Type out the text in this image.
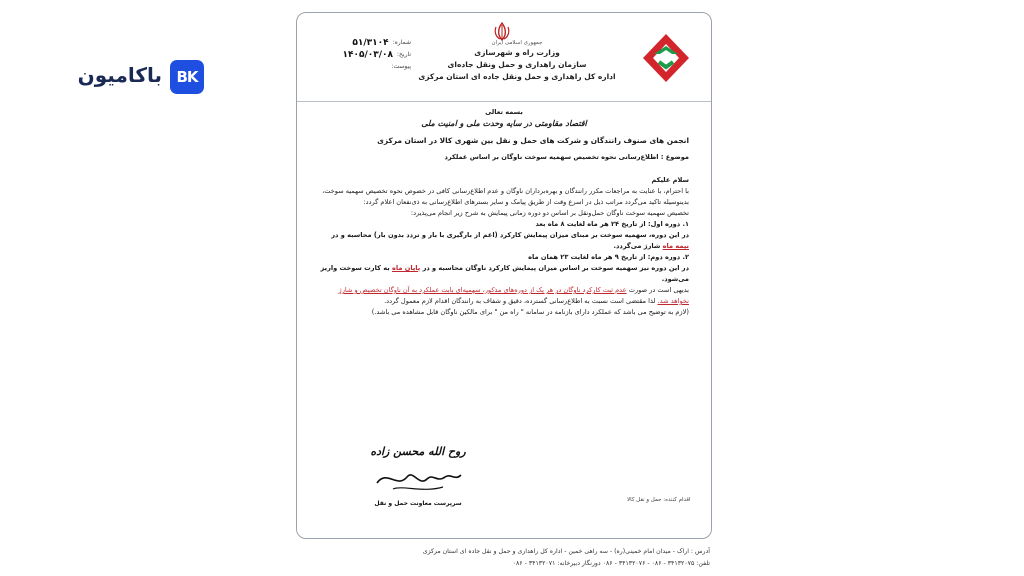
BK
باکامیون
جمهوری اسلامی ایران
وزارت راه و شهرسازی
سازمان راهداری و حمل ونقل جاده‌ای
اداره کل راهداری و حمل ونقل جاده ای استان مرکزی
شماره:
۵۱/۳۱۰۴
تاریخ:
۱۴۰۵/۰۳/۰۸
پیوست:
بسمه تعالی
اقتصاد مقاومتی در سایه وحدت ملی و امنیت ملی
انجمن های صنوف رانندگان و شرکت های حمل و نقل بین شهری کالا در استان مرکزی
موضوع : اطلاع‌رسانی نحوه تخصیص سهمیه سوخت ناوگان بر اساس عملکرد
سلام علیکم
با احترام، با عنایت به مراجعات مکرر رانندگان و بهره‌برداران ناوگان و عدم اطلاع‌رسانی کافی در خصوص نحوه تخصیص سهمیه سوخت، بدینوسیله تاکید می‌گردد مراتب ذیل در اسرع وقت از طریق پیامک و سایر بسترهای اطلاع‌رسانی به ذی‌نفعان اعلام گردد:
تخصیص سهمیه سوخت ناوگان حمل‌ونقل بر اساس دو دوره زمانی پیمایش به شرح زیر انجام می‌پذیرد:
۱. دوره اول: از تاریخ ۲۴ هر ماه لغایت ۸ ماه بعد
در این دوره، سهمیه سوخت بر مبنای میزان پیمایش کارکرد (اعم از بارگیری با بار و تردد بدون بار) محاسبه و در نیمه ماه شارژ می‌گردد.
۲. دوره دوم: از تاریخ ۹ هر ماه لغایت ۲۳ همان ماه
در این دوره نیز سهمیه سوخت بر اساس میزان پیمایش کارکرد ناوگان محاسبه و در پایان ماه به کارت سوخت واریز می‌شود.
بدیهی است در صورت عدم ثبت کارکرد ناوگان در هر یک از دوره‌های مذکور، سهمیه‌ای بابت عملکرد به آن ناوگان تخصیص و شارژ نخواهد شد. لذا مقتضی است نسبت به اطلاع‌رسانی گسترده، دقیق و شفاف به رانندگان اقدام لازم معمول گردد.
(لازم به توضیح می باشد که عملکرد دارای بازنامه در سامانه " راه من " برای مالکین ناوگان قابل مشاهده می باشد.)
روح الله محسن زاده
سرپرست معاونت حمل و نقل	اقدام کننده: حمل و نقل کالا
آدرس : اراک - میدان امام خمینی(ره) - سه راهی خمین - اداره کل راهداری و حمل و نقل جاده ای استان مرکزی
تلفن: ۳۴۱۳۲۰۷۵ - ۰۸۶ - ۳۴۱۳۲۰۷۶ - ۰۸۶ دورنگار دبیرخانه: ۳۴۱۳۲۰۷۱ - ۰۸۶
